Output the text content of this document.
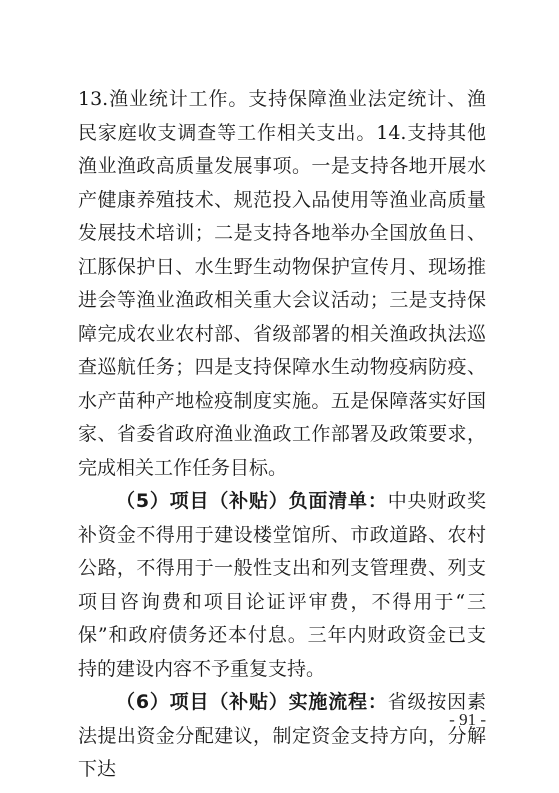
13.渔业统计工作。支持保障渔业法定统计、渔民家庭收支调查等工作相关支出。14.支持其他渔业渔政高质量发展事项。一是支持各地开展水产健康养殖技术、规范投入品使用等渔业高质量发展技术培训；二是支持各地举办全国放鱼日、江豚保护日、水生野生动物保护宣传月、现场推进会等渔业渔政相关重大会议活动；三是支持保障完成农业农村部、省级部署的相关渔政执法巡查巡航任务；四是支持保障水生动物疫病防疫、水产苗种产地检疫制度实施。五是保障落实好国家、省委省政府渔业渔政工作部署及政策要求，完成相关工作任务目标。

（5）项目（补贴）负面清单：中央财政奖补资金不得用于建设楼堂馆所、市政道路、农村公路，不得用于一般性支出和列支管理费、列支项目咨询费和项目论证评审费，不得用于“三保”和政府债务还本付息。三年内财政资金已支持的建设内容不予重复支持。

（6）项目（补贴）实施流程：省级按因素法提出资金分配建议，制定资金支持方向，分解下达

- 91 -
